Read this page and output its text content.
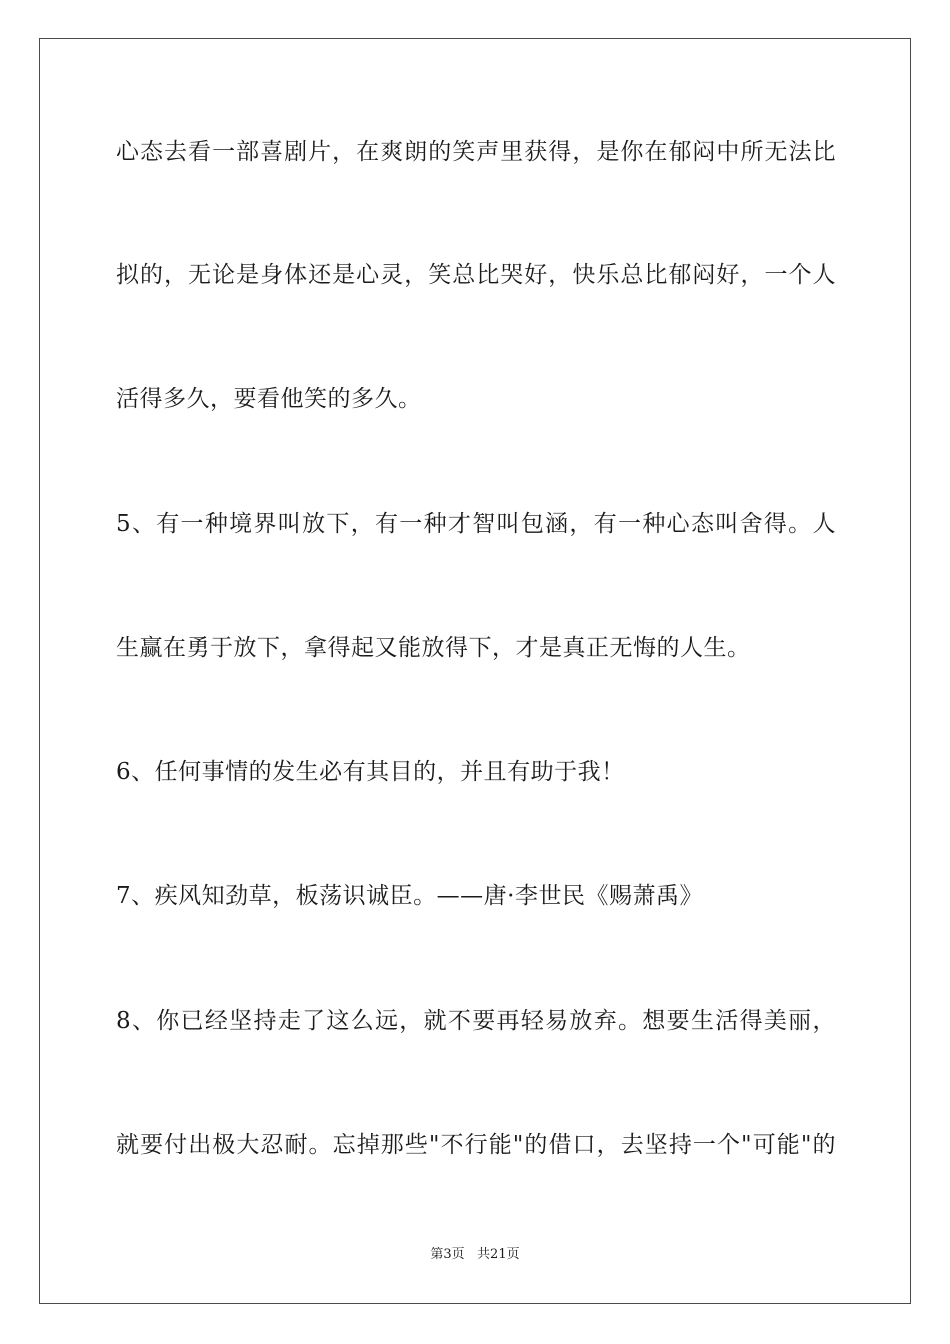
心态去看一部喜剧片，在爽朗的笑声里获得，是你在郁闷中所无法比
拟的，无论是身体还是心灵，笑总比哭好，快乐总比郁闷好，一个人
活得多久，要看他笑的多久。
5、有一种境界叫放下，有一种才智叫包涵，有一种心态叫舍得。人
生赢在勇于放下，拿得起又能放得下，才是真正无悔的人生。
6、任何事情的发生必有其目的，并且有助于我！
7、疾风知劲草，板荡识诚臣。——唐·李世民《赐萧禹》
8、你已经坚持走了这么远，就不要再轻易放弃。想要生活得美丽，
就要付出极大忍耐。忘掉那些"不行能"的借口，去坚持一个"可能"的
第3页   共21页
